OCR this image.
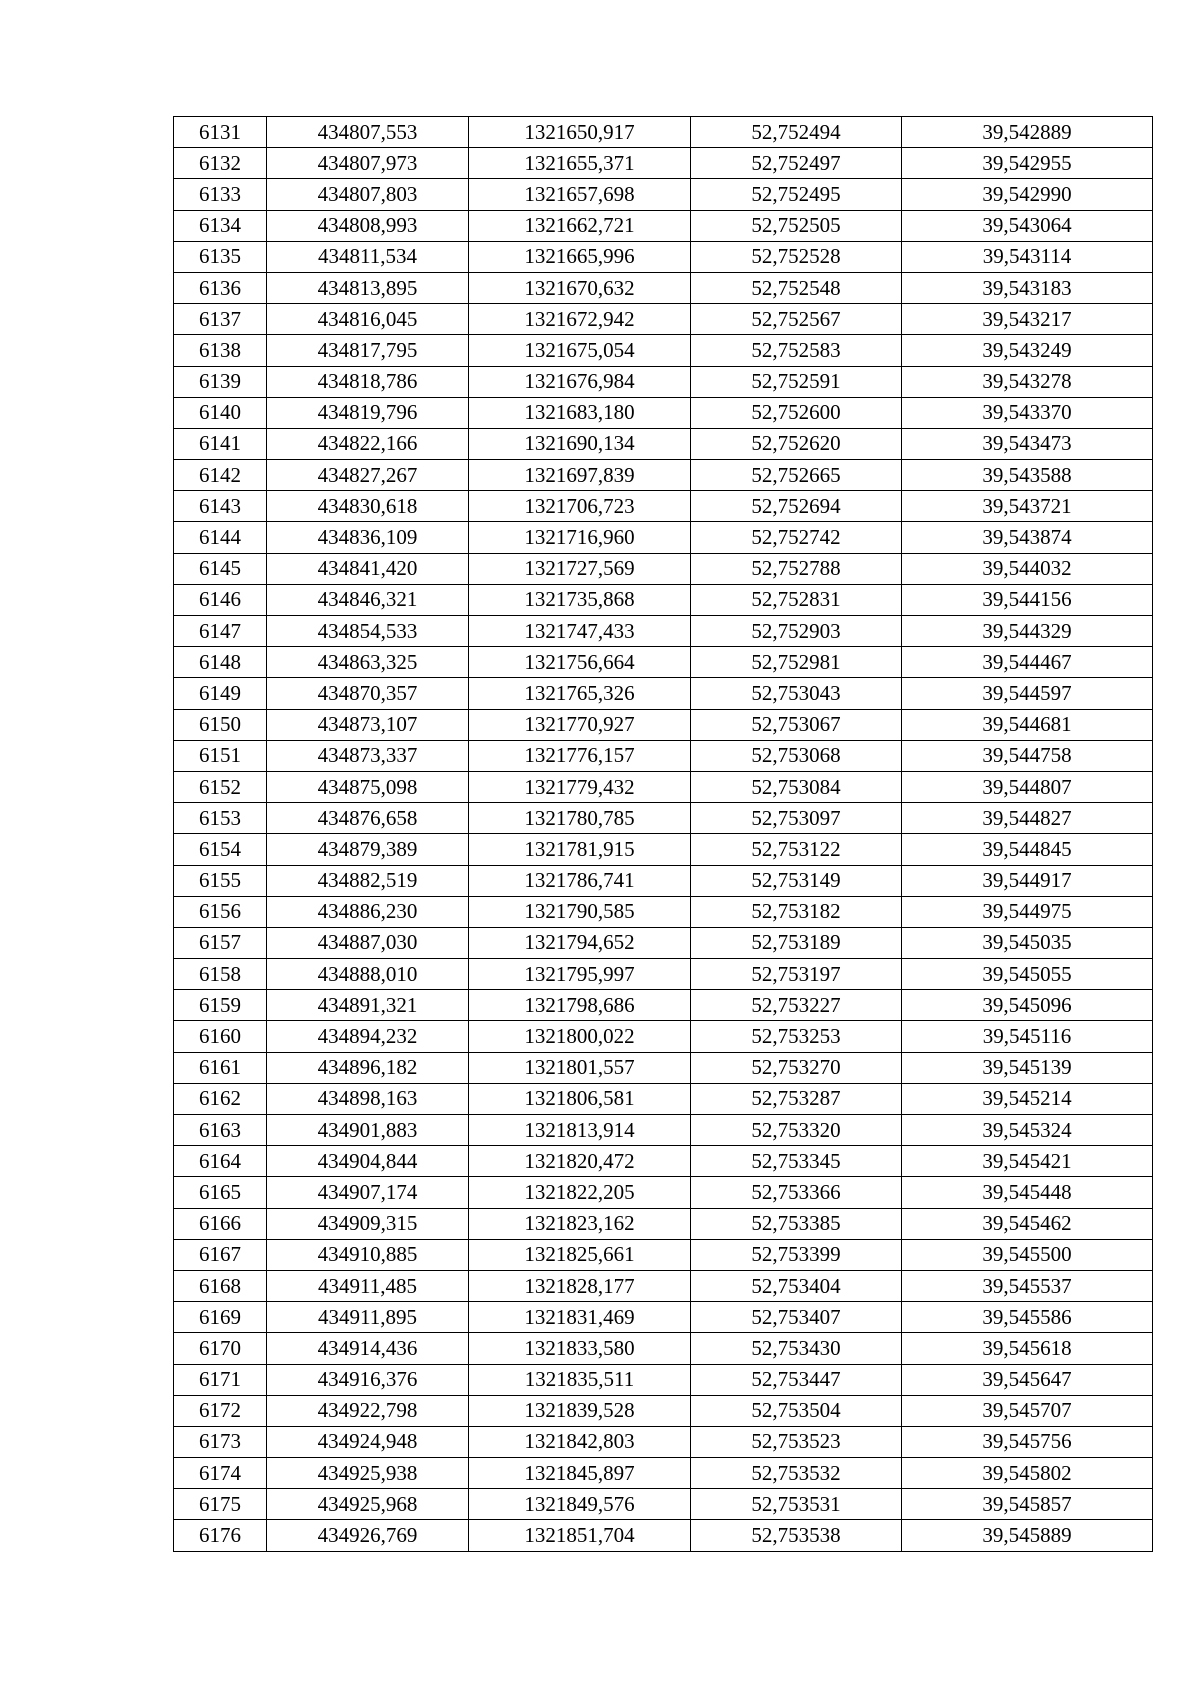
6131	434807,553	1321650,917	52,752494	39,542889
6132	434807,973	1321655,371	52,752497	39,542955
6133	434807,803	1321657,698	52,752495	39,542990
6134	434808,993	1321662,721	52,752505	39,543064
6135	434811,534	1321665,996	52,752528	39,543114
6136	434813,895	1321670,632	52,752548	39,543183
6137	434816,045	1321672,942	52,752567	39,543217
6138	434817,795	1321675,054	52,752583	39,543249
6139	434818,786	1321676,984	52,752591	39,543278
6140	434819,796	1321683,180	52,752600	39,543370
6141	434822,166	1321690,134	52,752620	39,543473
6142	434827,267	1321697,839	52,752665	39,543588
6143	434830,618	1321706,723	52,752694	39,543721
6144	434836,109	1321716,960	52,752742	39,543874
6145	434841,420	1321727,569	52,752788	39,544032
6146	434846,321	1321735,868	52,752831	39,544156
6147	434854,533	1321747,433	52,752903	39,544329
6148	434863,325	1321756,664	52,752981	39,544467
6149	434870,357	1321765,326	52,753043	39,544597
6150	434873,107	1321770,927	52,753067	39,544681
6151	434873,337	1321776,157	52,753068	39,544758
6152	434875,098	1321779,432	52,753084	39,544807
6153	434876,658	1321780,785	52,753097	39,544827
6154	434879,389	1321781,915	52,753122	39,544845
6155	434882,519	1321786,741	52,753149	39,544917
6156	434886,230	1321790,585	52,753182	39,544975
6157	434887,030	1321794,652	52,753189	39,545035
6158	434888,010	1321795,997	52,753197	39,545055
6159	434891,321	1321798,686	52,753227	39,545096
6160	434894,232	1321800,022	52,753253	39,545116
6161	434896,182	1321801,557	52,753270	39,545139
6162	434898,163	1321806,581	52,753287	39,545214
6163	434901,883	1321813,914	52,753320	39,545324
6164	434904,844	1321820,472	52,753345	39,545421
6165	434907,174	1321822,205	52,753366	39,545448
6166	434909,315	1321823,162	52,753385	39,545462
6167	434910,885	1321825,661	52,753399	39,545500
6168	434911,485	1321828,177	52,753404	39,545537
6169	434911,895	1321831,469	52,753407	39,545586
6170	434914,436	1321833,580	52,753430	39,545618
6171	434916,376	1321835,511	52,753447	39,545647
6172	434922,798	1321839,528	52,753504	39,545707
6173	434924,948	1321842,803	52,753523	39,545756
6174	434925,938	1321845,897	52,753532	39,545802
6175	434925,968	1321849,576	52,753531	39,545857
6176	434926,769	1321851,704	52,753538	39,545889
